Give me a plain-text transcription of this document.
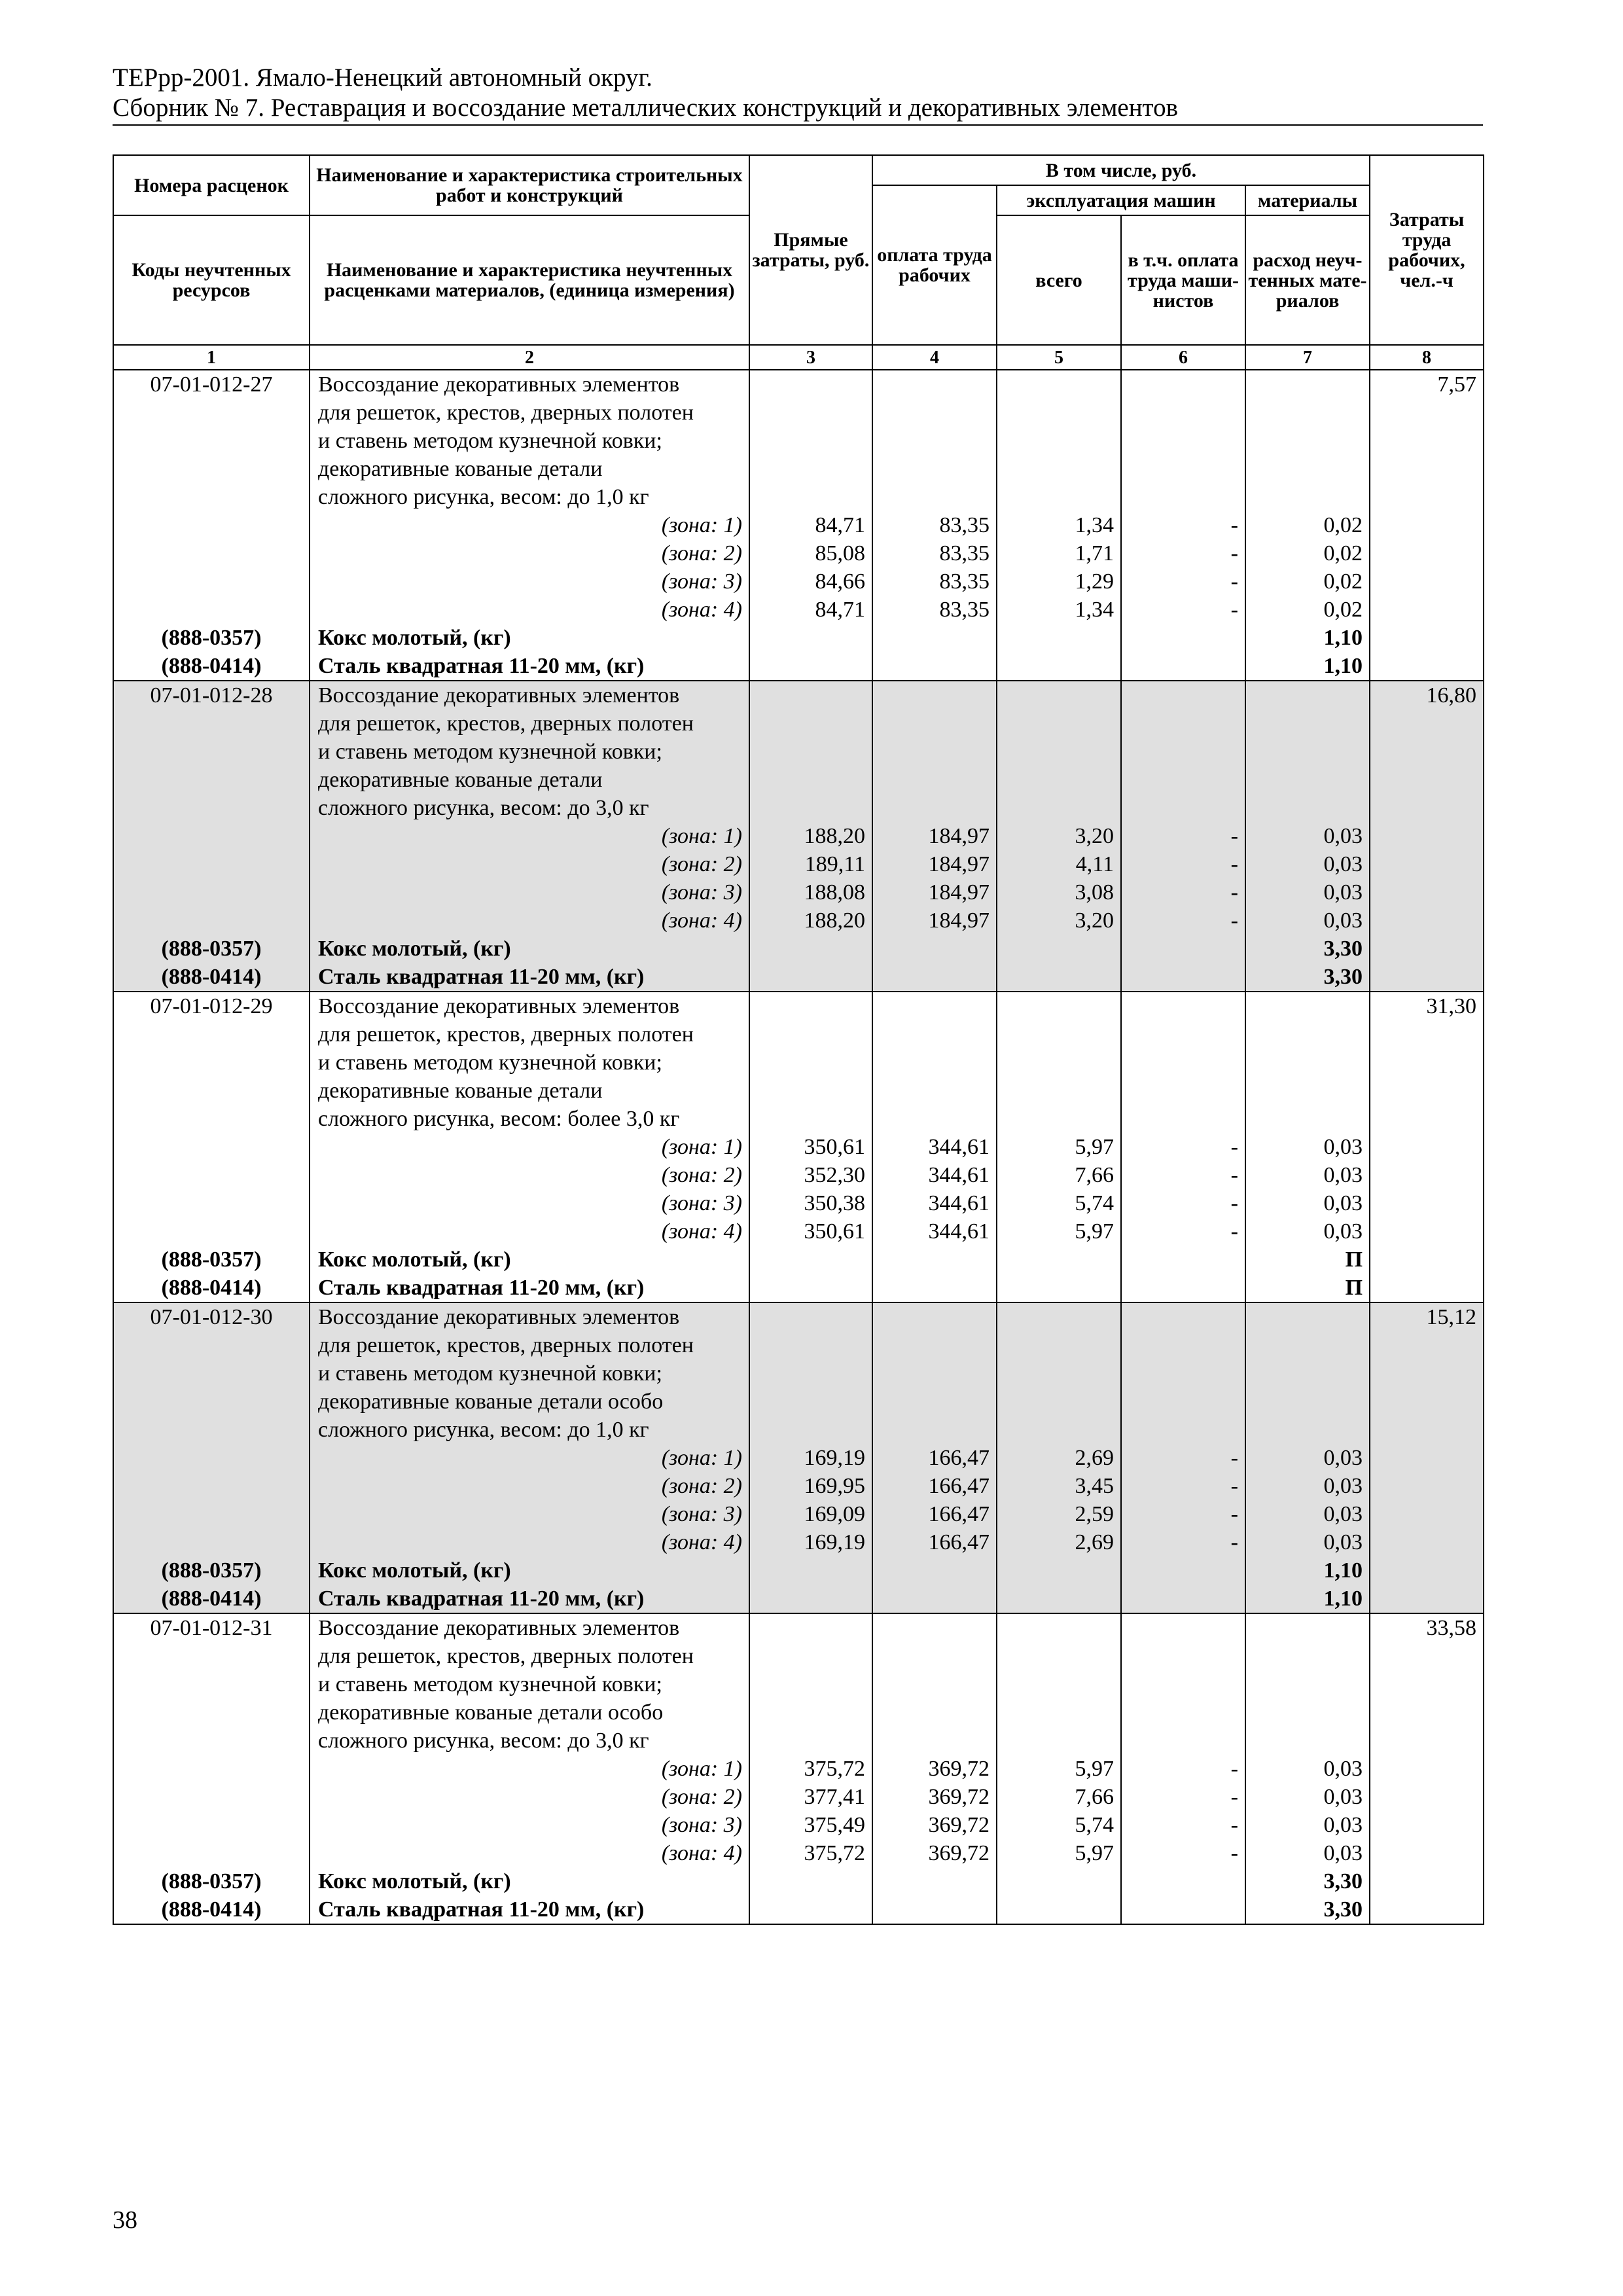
ТЕРрр-2001. Ямало-Ненецкий автономный округ.
Сборник № 7. Реставрация и воссоздание металлических конструкций и декоративных элементов
Номера расценок	Наименование и характеристика строительных работ и конструкций	Прямые затраты, руб.	В том числе, руб.				Затраты труда рабочих, чел.-ч
			оплата труда рабочих	эксплуатация машин		материалы	
Коды неучтенных ресурсов	Наименование и характеристика неучтенных расценками материалов, (единица измерения)			всего	в т.ч. оплата труда маши-нистов	расход неуч-тенных мате-риалов	
1	2	3	4	5	6	7	8
07-01-012-27	Воссоздание декоративных элементов						7,57
	для решеток, крестов, дверных полотен						
	и ставень методом кузнечной ковки;						
	декоративные кованые детали						
	сложного рисунка, весом: до 1,0 кг						
	(зона: 1)	84,71	83,35	1,34	-	0,02	
	(зона: 2)	85,08	83,35	1,71	-	0,02	
	(зона: 3)	84,66	83,35	1,29	-	0,02	
	(зона: 4)	84,71	83,35	1,34	-	0,02	
(888-0357)	Кокс молотый, (кг)					1,10	
(888-0414)	Сталь квадратная 11-20 мм, (кг)					1,10	
07-01-012-28	Воссоздание декоративных элементов						16,80
	для решеток, крестов, дверных полотен						
	и ставень методом кузнечной ковки;						
	декоративные кованые детали						
	сложного рисунка, весом: до 3,0 кг						
	(зона: 1)	188,20	184,97	3,20	-	0,03	
	(зона: 2)	189,11	184,97	4,11	-	0,03	
	(зона: 3)	188,08	184,97	3,08	-	0,03	
	(зона: 4)	188,20	184,97	3,20	-	0,03	
(888-0357)	Кокс молотый, (кг)					3,30	
(888-0414)	Сталь квадратная 11-20 мм, (кг)					3,30	
07-01-012-29	Воссоздание декоративных элементов						31,30
	для решеток, крестов, дверных полотен						
	и ставень методом кузнечной ковки;						
	декоративные кованые детали						
	сложного рисунка, весом: более 3,0 кг						
	(зона: 1)	350,61	344,61	5,97	-	0,03	
	(зона: 2)	352,30	344,61	7,66	-	0,03	
	(зона: 3)	350,38	344,61	5,74	-	0,03	
	(зона: 4)	350,61	344,61	5,97	-	0,03	
(888-0357)	Кокс молотый, (кг)					П	
(888-0414)	Сталь квадратная 11-20 мм, (кг)					П	
07-01-012-30	Воссоздание декоративных элементов						15,12
	для решеток, крестов, дверных полотен						
	и ставень методом кузнечной ковки;						
	декоративные кованые детали особо						
	сложного рисунка, весом: до 1,0 кг						
	(зона: 1)	169,19	166,47	2,69	-	0,03	
	(зона: 2)	169,95	166,47	3,45	-	0,03	
	(зона: 3)	169,09	166,47	2,59	-	0,03	
	(зона: 4)	169,19	166,47	2,69	-	0,03	
(888-0357)	Кокс молотый, (кг)					1,10	
(888-0414)	Сталь квадратная 11-20 мм, (кг)					1,10	
07-01-012-31	Воссоздание декоративных элементов						33,58
	для решеток, крестов, дверных полотен						
	и ставень методом кузнечной ковки;						
	декоративные кованые детали особо						
	сложного рисунка, весом: до 3,0 кг						
	(зона: 1)	375,72	369,72	5,97	-	0,03	
	(зона: 2)	377,41	369,72	7,66	-	0,03	
	(зона: 3)	375,49	369,72	5,74	-	0,03	
	(зона: 4)	375,72	369,72	5,97	-	0,03	
(888-0357)	Кокс молотый, (кг)					3,30	
(888-0414)	Сталь квадратная 11-20 мм, (кг)					3,30	
38
